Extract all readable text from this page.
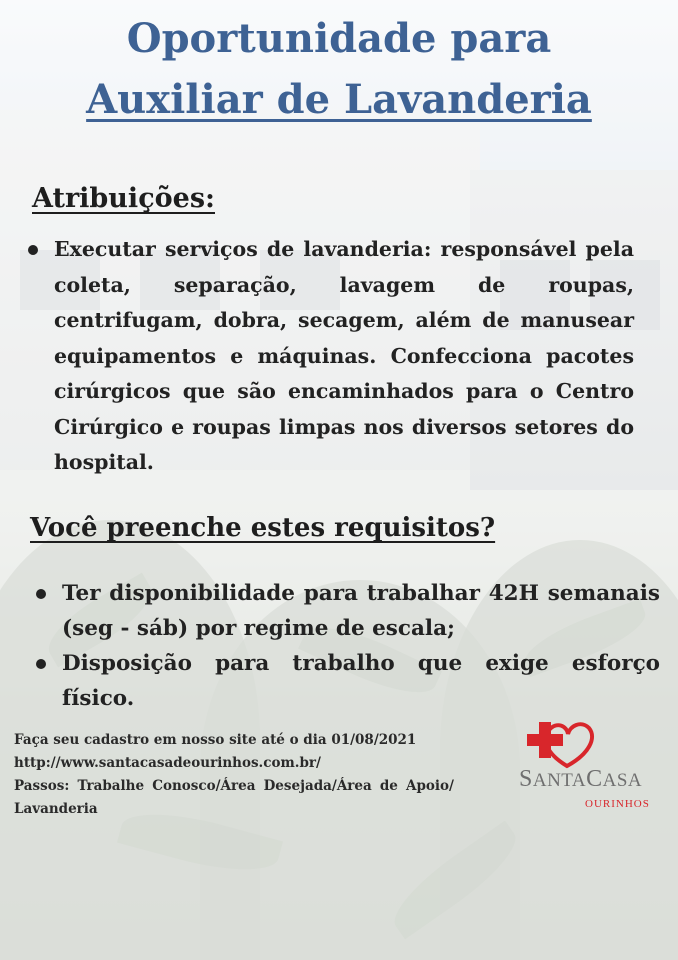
Oportunidade para
Auxiliar de Lavanderia
Atribuições:
Executar serviços de lavanderia: responsável pela coleta, separação, lavagem de roupas, centrifugam, dobra, secagem, além de manusear equipamentos e máquinas. Confecciona pacotes cirúrgicos que são encaminhados para o Centro Cirúrgico e roupas limpas nos diversos setores do hospital.
Você preenche estes requisitos?
Ter disponibilidade para trabalhar 42H semanais (seg - sáb) por regime de escala;
Disposição para trabalho que exige esforço físico.
Faça seu cadastro em nosso site até o dia 01/08/2021
http://www.santacasadeourinhos.com.br/
Passos: Trabalhe Conosco/Área Desejada/Área de Apoio/ Lavanderia
SANTACASA
OURINHOS
